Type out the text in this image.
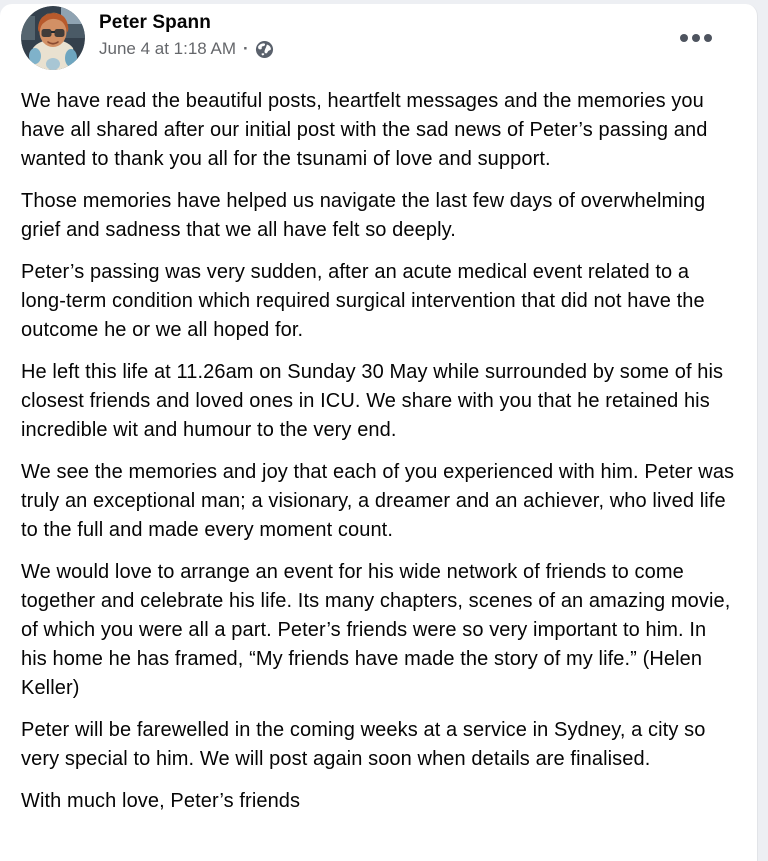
Peter Spann
June 4 at 1:18 AM ·

We have read the beautiful posts, heartfelt messages and the memories you have all shared after our initial post with the sad news of Peter’s passing and wanted to thank you all for the tsunami of love and support.

Those memories have helped us navigate the last few days of overwhelming grief and sadness that we all have felt so deeply.

Peter’s passing was very sudden, after an acute medical event related to a long-term condition which required surgical intervention that did not have the outcome he or we all hoped for.

He left this life at 11.26am on Sunday 30 May while surrounded by some of his closest friends and loved ones in ICU. We share with you that he retained his incredible wit and humour to the very end.

We see the memories and joy that each of you experienced with him. Peter was truly an exceptional man; a visionary, a dreamer and an achiever, who lived life to the full and made every moment count.

We would love to arrange an event for his wide network of friends to come together and celebrate his life. Its many chapters, scenes of an amazing movie, of which you were all a part. Peter’s friends were so very important to him. In his home he has framed, “My friends have made the story of my life.” (Helen Keller)

Peter will be farewelled in the coming weeks at a service in Sydney, a city so very special to him. We will post again soon when details are finalised.

With much love, Peter’s friends
